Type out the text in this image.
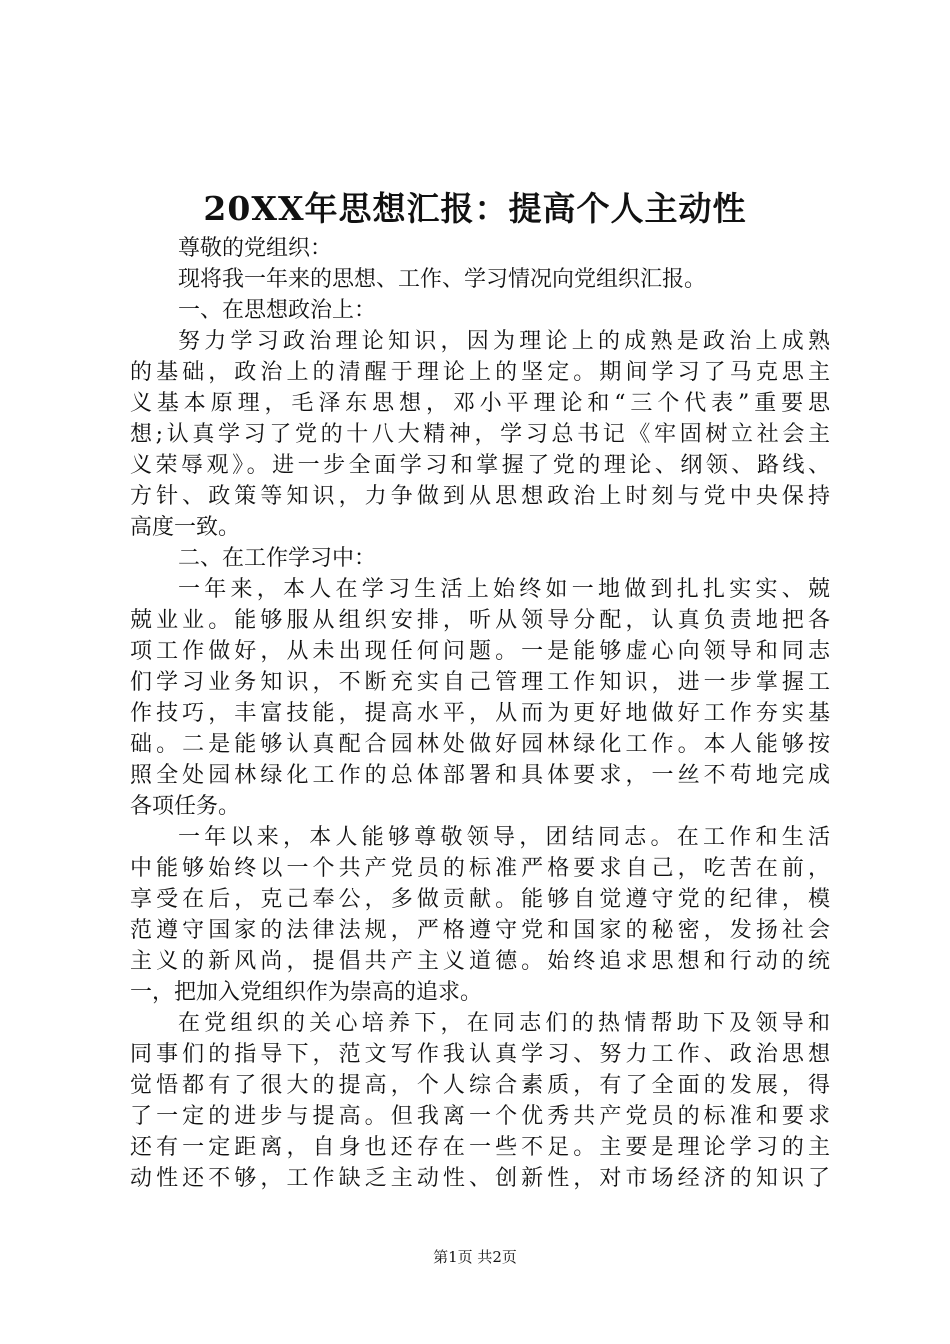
20XX年思想汇报：提高个人主动性
尊敬的党组织：
现将我一年来的思想、工作、学习情况向党组织汇报。
一、在思想政治上：
努力学习政治理论知识，因为理论上的成熟是政治上成熟
的基础，政治上的清醒于理论上的坚定。期间学习了马克思主
义基本原理，毛泽东思想，邓小平理论和“三个代表”重要思
想;认真学习了党的十八大精神，学习总书记《牢固树立社会主
义荣辱观》。进一步全面学习和掌握了党的理论、纲领、路线、
方针、政策等知识，力争做到从思想政治上时刻与党中央保持
高度一致。
二、在工作学习中：
一年来，本人在学习生活上始终如一地做到扎扎实实、兢
兢业业。能够服从组织安排，听从领导分配，认真负责地把各
项工作做好，从未出现任何问题。一是能够虚心向领导和同志
们学习业务知识，不断充实自己管理工作知识，进一步掌握工
作技巧，丰富技能，提高水平，从而为更好地做好工作夯实基
础。二是能够认真配合园林处做好园林绿化工作。本人能够按
照全处园林绿化工作的总体部署和具体要求，一丝不苟地完成
各项任务。
一年以来，本人能够尊敬领导，团结同志。在工作和生活
中能够始终以一个共产党员的标准严格要求自己，吃苦在前，
享受在后，克己奉公，多做贡献。能够自觉遵守党的纪律，模
范遵守国家的法律法规，严格遵守党和国家的秘密，发扬社会
主义的新风尚，提倡共产主义道德。始终追求思想和行动的统
一，把加入党组织作为崇高的追求。
在党组织的关心培养下，在同志们的热情帮助下及领导和
同事们的指导下，范文写作我认真学习、努力工作、政治思想
觉悟都有了很大的提高，个人综合素质，有了全面的发展，得
了一定的进步与提高。但我离一个优秀共产党员的标准和要求
还有一定距离，自身也还存在一些不足。主要是理论学习的主
动性还不够，工作缺乏主动性、创新性，对市场经济的知识了
第1页 共2页
